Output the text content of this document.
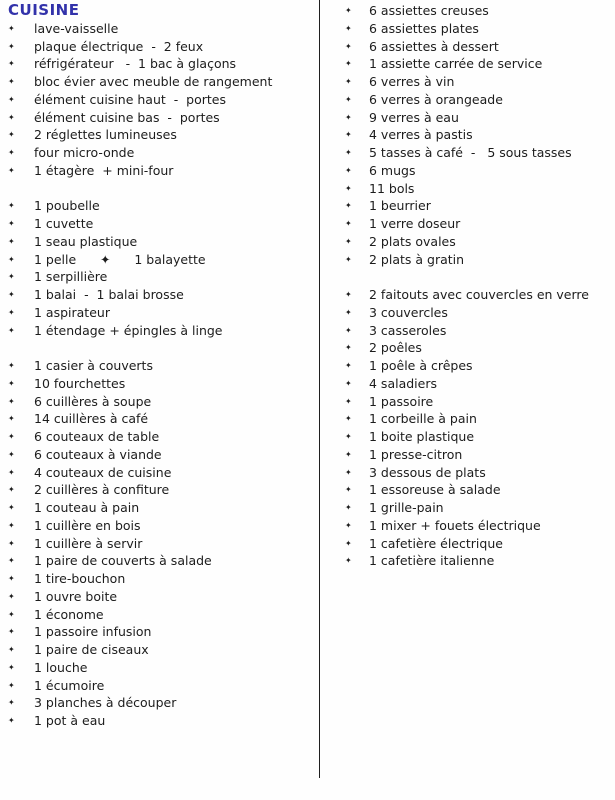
CUISINE
✦	lave-vaisselle
✦	plaque électrique  -  2 feux
✦	réfrigérateur   -  1 bac à glaçons
✦	bloc évier avec meuble de rangement
✦	élément cuisine haut  -  portes
✦	élément cuisine bas  -  portes
✦	2 réglettes lumineuses
✦	four micro-onde
✦	1 étagère  + mini-four
✦	1 poubelle
✦	1 cuvette
✦	1 seau plastique
✦	1 pelle      ✦      1 balayette
✦	1 serpillière
✦	1 balai  -  1 balai brosse
✦	1 aspirateur
✦	1 étendage + épingles à linge
✦	1 casier à couverts
✦	10 fourchettes
✦	6 cuillères à soupe
✦	14 cuillères à café
✦	6 couteaux de table
✦	6 couteaux à viande
✦	4 couteaux de cuisine
✦	2 cuillères à confiture
✦	1 couteau à pain
✦	1 cuillère en bois
✦	1 cuillère à servir
✦	1 paire de couverts à salade
✦	1 tire-bouchon
✦	1 ouvre boite
✦	1 économe
✦	1 passoire infusion
✦	1 paire de ciseaux
✦	1 louche
✦	1 écumoire
✦	3 planches à découper
✦	1 pot à eau
✦	6 assiettes creuses
✦	6 assiettes plates
✦	6 assiettes à dessert
✦	1 assiette carrée de service
✦	6 verres à vin
✦	6 verres à orangeade
✦	9 verres à eau
✦	4 verres à pastis
✦	5 tasses à café  -   5 sous tasses
✦	6 mugs
✦	11 bols
✦	1 beurrier
✦	1 verre doseur
✦	2 plats ovales
✦	2 plats à gratin
✦	2 faitouts avec couvercles en verre
✦	3 couvercles
✦	3 casseroles
✦	2 poêles
✦	1 poêle à crêpes
✦	4 saladiers
✦	1 passoire
✦	1 corbeille à pain
✦	1 boite plastique
✦	1 presse-citron
✦	3 dessous de plats
✦	1 essoreuse à salade
✦	1 grille-pain
✦	1 mixer + fouets électrique
✦	1 cafetière électrique
✦	1 cafetière italienne
